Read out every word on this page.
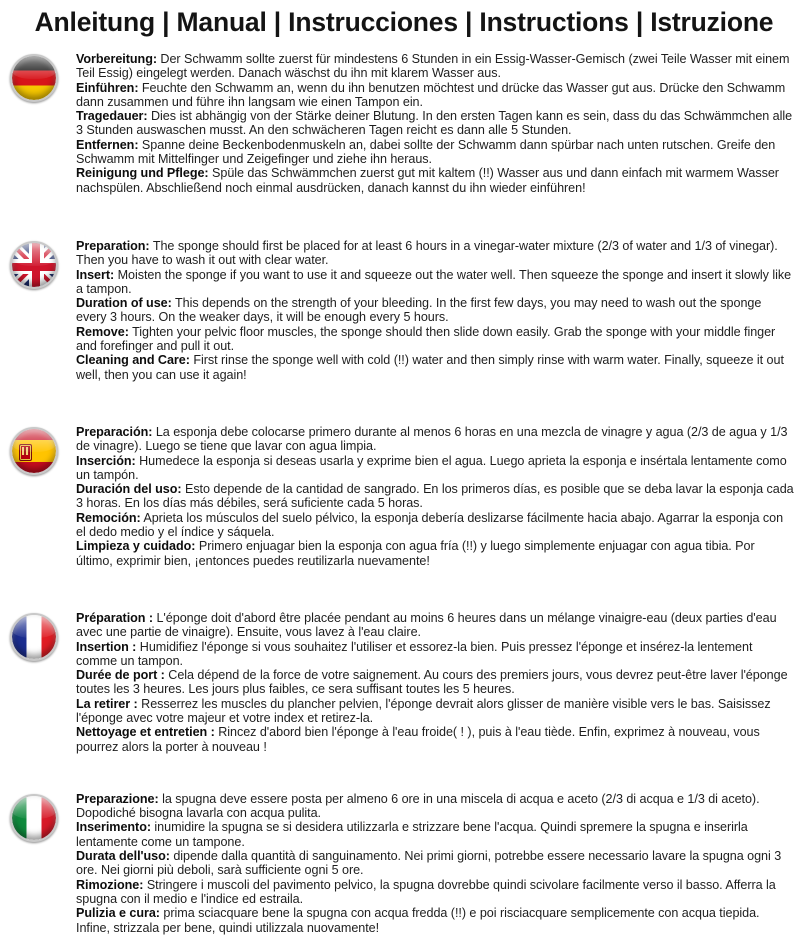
Anleitung | Manual | Instrucciones | Instructions | Istruzione

Vorbereitung: Der Schwamm sollte zuerst für mindestens 6 Stunden in ein Essig-Wasser-Gemisch (zwei Teile Wasser mit einem Teil Essig) eingelegt werden. Danach wäschst du ihn mit klarem Wasser aus.

Einführen: Feuchte den Schwamm an, wenn du ihn benutzen möchtest und drücke das Wasser gut aus. Drücke den Schwamm dann zusammen und führe ihn langsam wie einen Tampon ein.

Tragedauer: Dies ist abhängig von der Stärke deiner Blutung. In den ersten Tagen kann es sein, dass du das Schwämmchen alle 3 Stunden auswaschen musst. An den schwächeren Tagen reicht es dann alle 5 Stunden.

Entfernen: Spanne deine Beckenbodenmuskeln an, dabei sollte der Schwamm dann spürbar nach unten rutschen. Greife den Schwamm mit Mittelfinger und Zeigefinger und ziehe ihn heraus.

Reinigung und Pflege: Spüle das Schwämmchen zuerst gut mit kaltem (!!) Wasser aus und dann einfach mit warmem Wasser nachspülen. Abschließend noch einmal ausdrücken, danach kannst du ihn wieder einführen!

Preparation: The sponge should first be placed for at least 6 hours in a vinegar-water mixture (2/3 of water and 1/3 of vinegar). Then you have to wash it out with clear water.

Insert: Moisten the sponge if you want to use it and squeeze out the water well. Then squeeze the sponge and insert it slowly like a tampon.

Duration of use: This depends on the strength of your bleeding. In the first few days, you may need to wash out the sponge every 3 hours. On the weaker days, it will be enough every 5 hours.

Remove: Tighten your pelvic floor muscles, the sponge should then slide down easily. Grab the sponge with your middle finger and forefinger and pull it out.

Cleaning and Care: First rinse the sponge well with cold (!!) water and then simply rinse with warm water. Finally, squeeze it out well, then you can use it again!

Preparación: La esponja debe colocarse primero durante al menos 6 horas en una mezcla de vinagre y agua (2/3 de agua y 1/3 de vinagre). Luego se tiene que lavar con agua limpia.

Inserción: Humedece la esponja si deseas usarla y exprime bien el agua. Luego aprieta la esponja e insértala lentamente como un tampón.

Duración del uso: Esto depende de la cantidad de sangrado. En los primeros días, es posible que se deba lavar la esponja cada 3 horas. En los días más débiles, será suficiente cada 5 horas.

Remoción: Aprieta los músculos del suelo pélvico, la esponja debería deslizarse fácilmente hacia abajo. Agarrar la esponja con el dedo medio y el índice y sáquela.

Limpieza y cuidado: Primero enjuagar bien la esponja con agua fría (!!) y luego simplemente enjuagar con agua tibia. Por último, exprimir bien, ¡entonces puedes reutilizarla nuevamente!

Préparation : L'éponge doit d'abord être placée pendant au moins 6 heures dans un mélange vinaigre-eau (deux parties d'eau avec une partie de vinaigre). Ensuite, vous lavez à l'eau claire.

Insertion : Humidifiez l'éponge si vous souhaitez l'utiliser et essorez-la bien. Puis pressez l'éponge et insérez-la lentement comme un tampon.

Durée de port : Cela dépend de la force de votre saignement. Au cours des premiers jours, vous devrez peut-être laver l'éponge toutes les 3 heures. Les jours plus faibles, ce sera suffisant toutes les 5 heures.

La retirer : Resserrez les muscles du plancher pelvien, l'éponge devrait alors glisser de manière visible vers le bas. Saisissez l'éponge avec votre majeur et votre index et retirez-la.

Nettoyage et entretien : Rincez d'abord bien l'éponge à l'eau froide( ! ), puis à l'eau tiède. Enfin, exprimez à nouveau, vous pourrez alors la porter à nouveau !

Preparazione: la spugna deve essere posta per almeno 6 ore in una miscela di acqua e aceto (2/3 di acqua e 1/3 di aceto). Dopodiché bisogna lavarla con acqua pulita.

Inserimento: inumidire la spugna se si desidera utilizzarla e strizzare bene l'acqua. Quindi spremere la spugna e inserirla lentamente come un tampone.

Durata dell'uso: dipende dalla quantità di sanguinamento. Nei primi giorni, potrebbe essere necessario lavare la spugna ogni 3 ore. Nei giorni più deboli, sarà sufficiente ogni 5 ore.

Rimozione: Stringere i muscoli del pavimento pelvico, la spugna dovrebbe quindi scivolare facilmente verso il basso. Afferra la spugna con il medio e l'indice ed estraila.

Pulizia e cura: prima sciacquare bene la spugna con acqua fredda (!!) e poi risciacquare semplicemente con acqua tiepida. Infine, strizzala per bene, quindi utilizzala nuovamente!
